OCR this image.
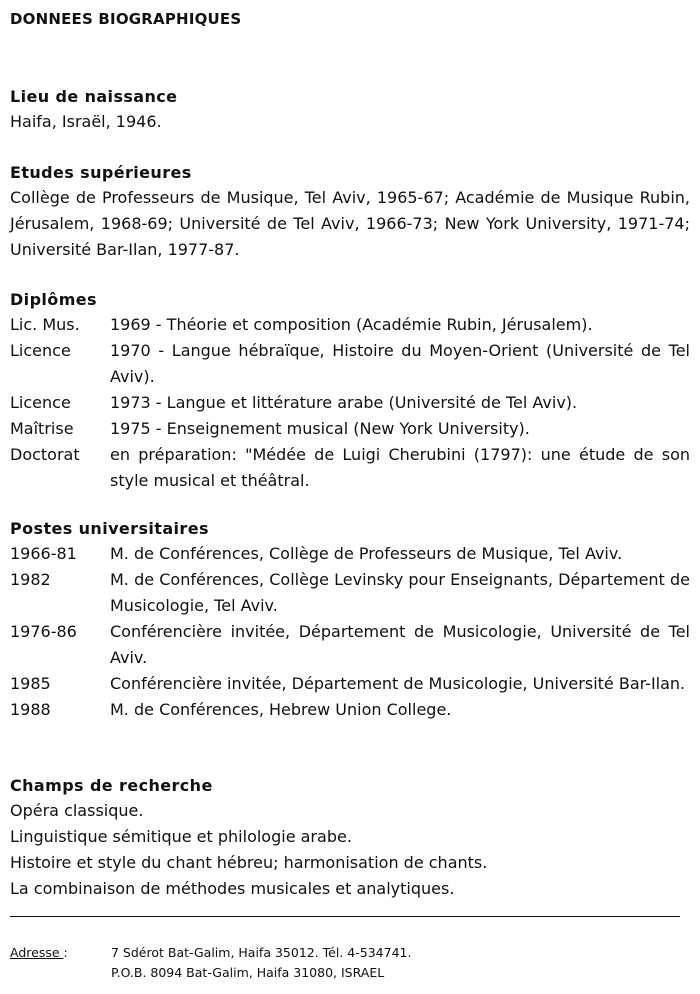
DONNEES BIOGRAPHIQUES
Lieu de naissance
Haifa, Israël, 1946.
Etudes supérieures
Collège de Professeurs de Musique, Tel Aviv, 1965-67; Académie de Musique Rubin, Jérusalem, 1968-69; Université de Tel Aviv, 1966-73; New York University, 1971-74; Université Bar-Ilan, 1977-87.
Diplômes
Lic. Mus.	1969 - Théorie et composition (Académie Rubin, Jérusalem).
Licence	1970 - Langue hébraïque, Histoire du Moyen-Orient (Université de Tel Aviv).
Licence	1973 - Langue et littérature arabe (Université de Tel Aviv).
Maîtrise	1975 - Enseignement musical (New York University).
Doctorat	en préparation: "Médée de Luigi Cherubini (1797): une étude de son style musical et théâtral.
Postes universitaires
1966-81	M. de Conférences, Collège de Professeurs de Musique, Tel Aviv.
1982	M. de Conférences, Collège Levinsky pour Enseignants, Département de Musicologie, Tel Aviv.
1976-86	Conférencière invitée, Département de Musicologie, Université de Tel Aviv.
1985	Conférencière invitée, Département de Musicologie, Université Bar-Ilan.
1988	M. de Conférences, Hebrew Union College.
Champs de recherche
Opéra classique.
Linguistique sémitique et philologie arabe.
Histoire et style du chant hébreu; harmonisation de chants.
La combinaison de méthodes musicales et analytiques.
Adresse :	7 Sdérot Bat-Galim, Haifa 35012. Tél. 4-534741.
P.O.B. 8094 Bat-Galim, Haifa 31080, ISRAEL
